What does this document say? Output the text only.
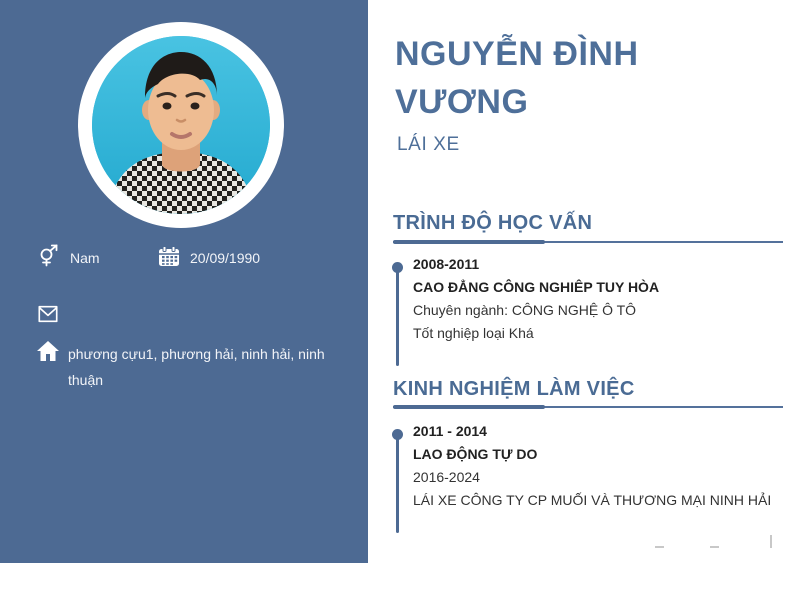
Nam	20/09/1990
phương cựu1, phương hải, ninh hải, ninh thuận
NGUYỄN ĐÌNH VƯƠNG
LÁI XE
TRÌNH ĐỘ HỌC VẤN
2008-2011
CAO ĐẲNG CÔNG NGHIÊP TUY HÒA
Chuyên ngành: CÔNG NGHỆ Ô TÔ
Tốt nghiệp loại Khá
KINH NGHIỆM LÀM VIỆC
2011 - 2014
LAO ĐỘNG TỰ DO
2016-2024
LÁI XE CÔNG TY CP MUỐI VÀ THƯƠNG MẠI NINH HẢI
